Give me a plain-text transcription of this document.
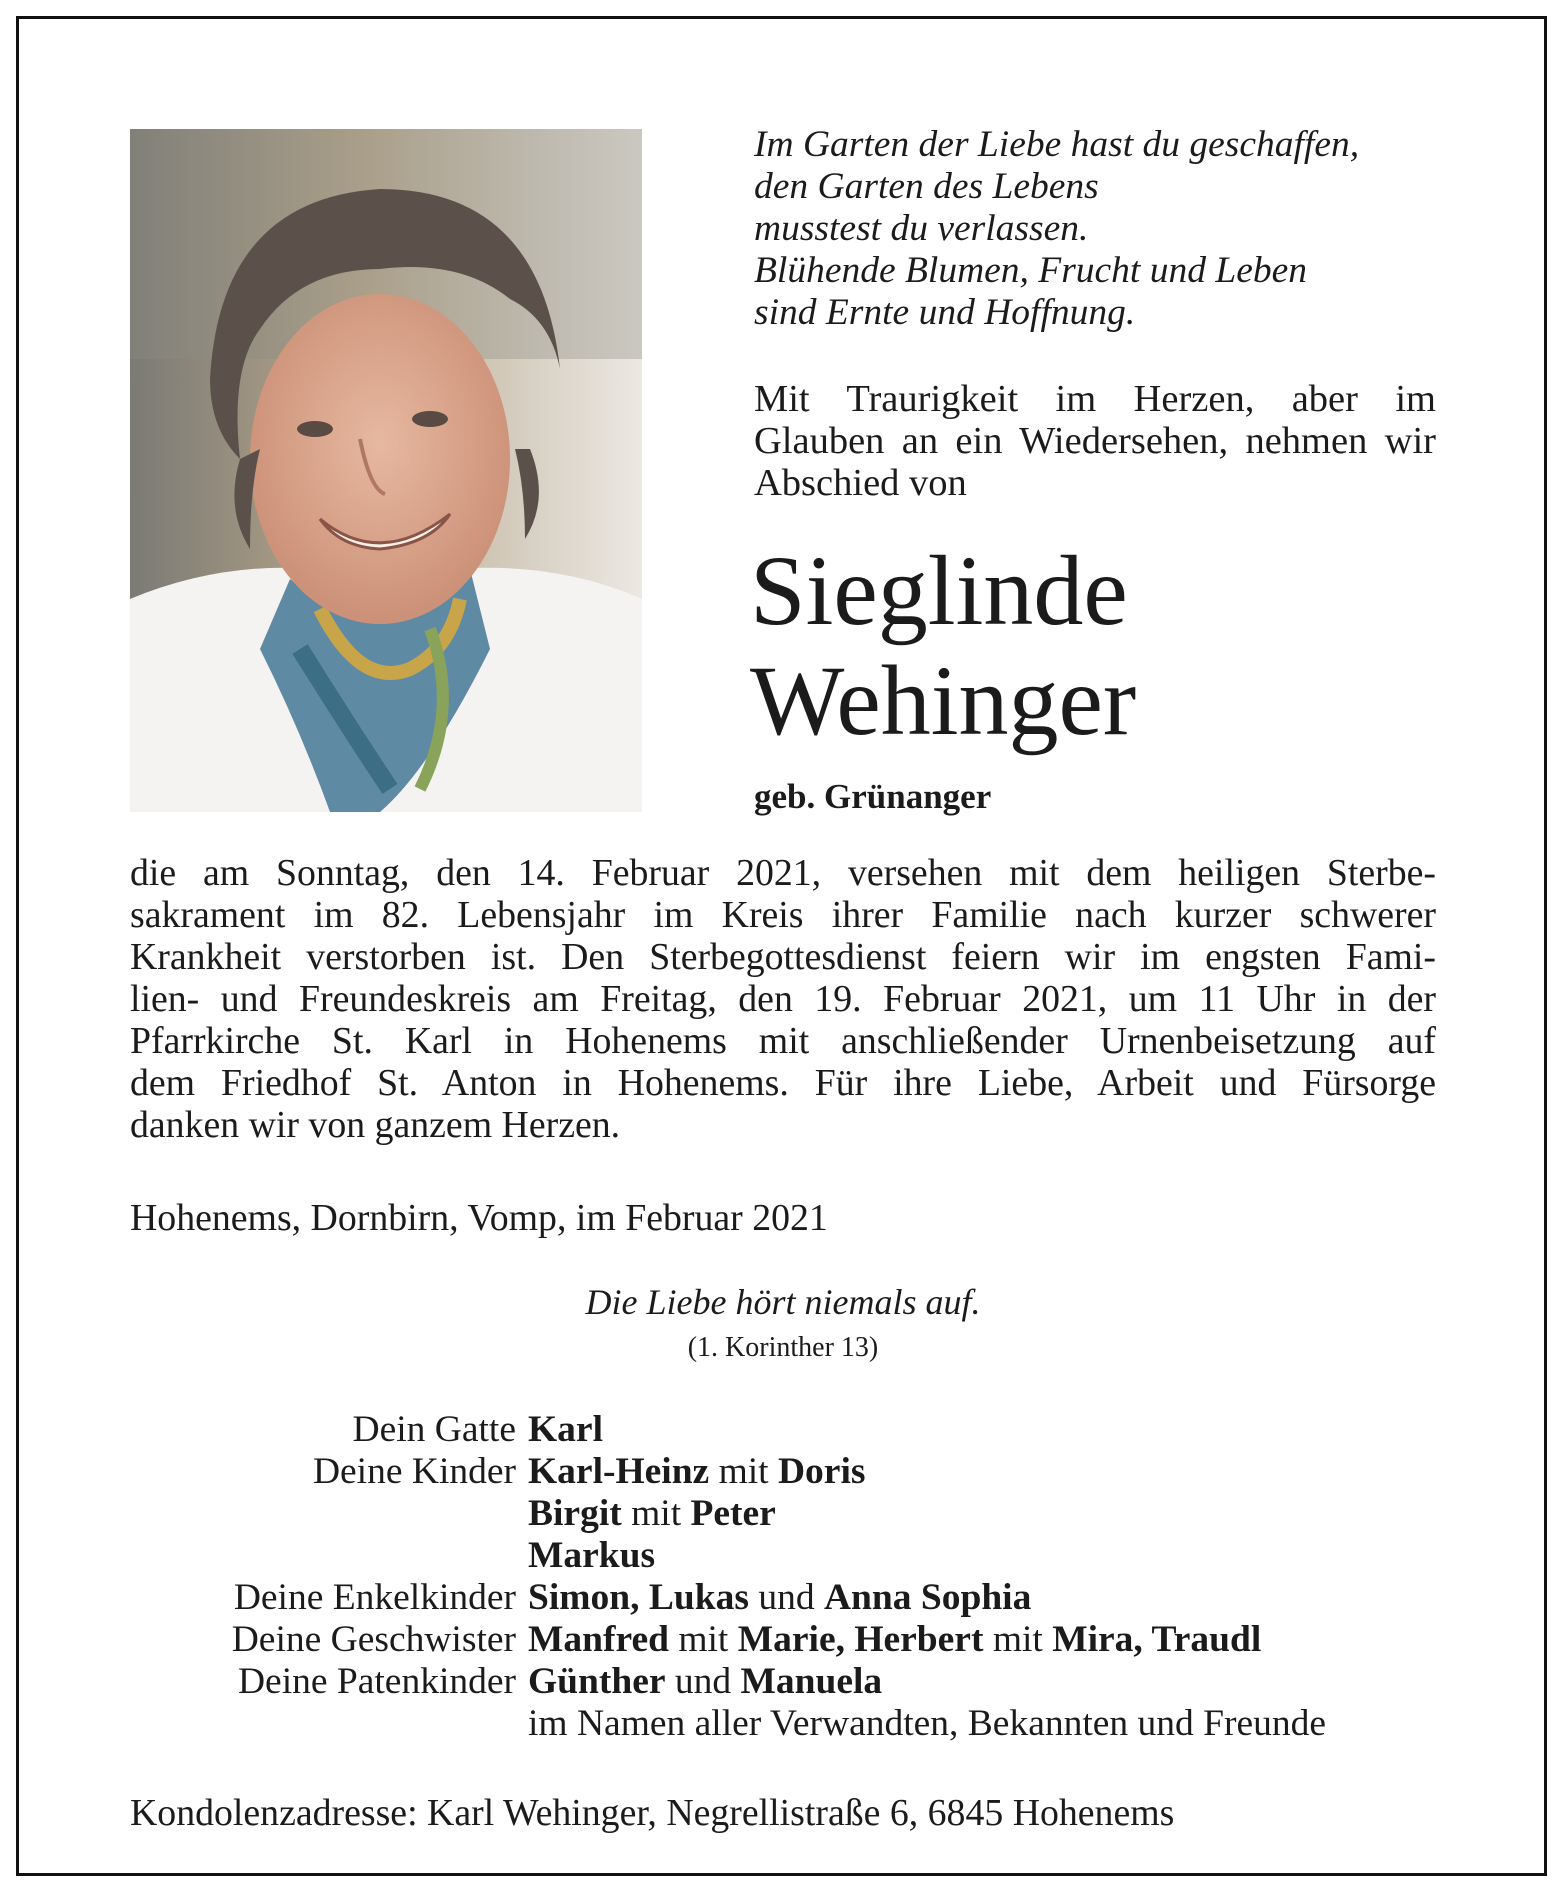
Im Garten der Liebe hast du geschaffen,
den Garten des Lebens
musstest du verlassen.
Blühende Blumen, Frucht und Leben
sind Ernte und Hoffnung.
Mit Traurigkeit im Herzen, aber im Glauben an ein Wiedersehen, nehmen wir Abschied von
Sieglinde
Wehinger
geb. Grünanger
die am Sonntag, den 14. Februar 2021, versehen mit dem heiligen Sterbe-
sakrament im 82. Lebensjahr im Kreis ihrer Familie nach kurzer schwerer
Krankheit verstorben ist. Den Sterbegottesdienst feiern wir im engsten Fami-
lien- und Freundeskreis am Freitag, den 19. Februar 2021, um 11 Uhr in der
Pfarrkirche St. Karl in Hohenems mit anschließender Urnenbeisetzung auf
dem Friedhof St. Anton in Hohenems. Für ihre Liebe, Arbeit und Fürsorge
danken wir von ganzem Herzen.
Hohenems, Dornbirn, Vomp, im Februar 2021
Die Liebe hört niemals auf.
(1. Korinther 13)
Dein Gatte Karl
Deine Kinder Karl-Heinz mit Doris
Birgit mit Peter
Markus
Deine Enkelkinder Simon, Lukas und Anna Sophia
Deine Geschwister Manfred mit Marie, Herbert mit Mira, Traudl
Deine Patenkinder Günther und Manuela
im Namen aller Verwandten, Bekannten und Freunde
Kondolenzadresse: Karl Wehinger, Negrellistraße 6, 6845 Hohenems
